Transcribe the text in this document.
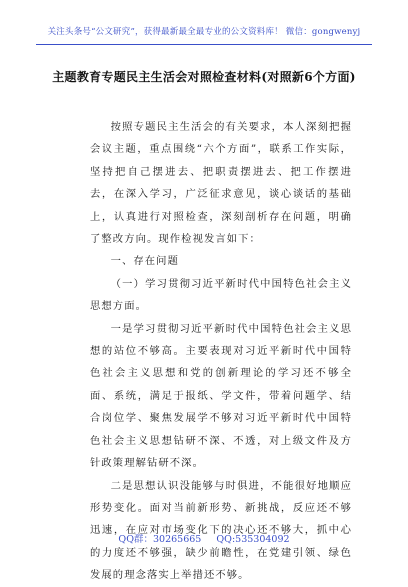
关注头条号“公文研究”，获得最新最全最专业的公文资料库！ 微信：gongwenyj
主题教育专题民主生活会对照检查材料(对照新6个方面)

按照专题民主生活会的有关要求，本人深刻把握会议主题，重点围绕“六个方面”，联系工作实际，坚持把自己摆进去、把职责摆进去、把工作摆进去，在深入学习，广泛征求意见，谈心谈话的基础上，认真进行对照检查，深刻剖析存在问题，明确了整改方向。现作检视发言如下：

一、存在问题

（一）学习贯彻习近平新时代中国特色社会主义思想方面。

一是学习贯彻习近平新时代中国特色社会主义思想的站位不够高。主要表现对习近平新时代中国特色社会主义思想和党的创新理论的学习还不够全面、系统，满足于报纸、学文件，带着问题学、结合岗位学、聚焦发展学不够对习近平新时代中国特色社会主义思想钻研不深、不透，对上级文件及方针政策理解钻研不深。

二是思想认识没能够与时俱进，不能很好地顺应形势变化。面对当前新形势、新挑战，反应还不够迅速，在应对市场变化下的决心还不够大，抓中心的力度还不够强，缺少前瞻性，在党建引领、绿色发展的理念落实上举措还不够。

QQ群：30265665 QQ:535304092
